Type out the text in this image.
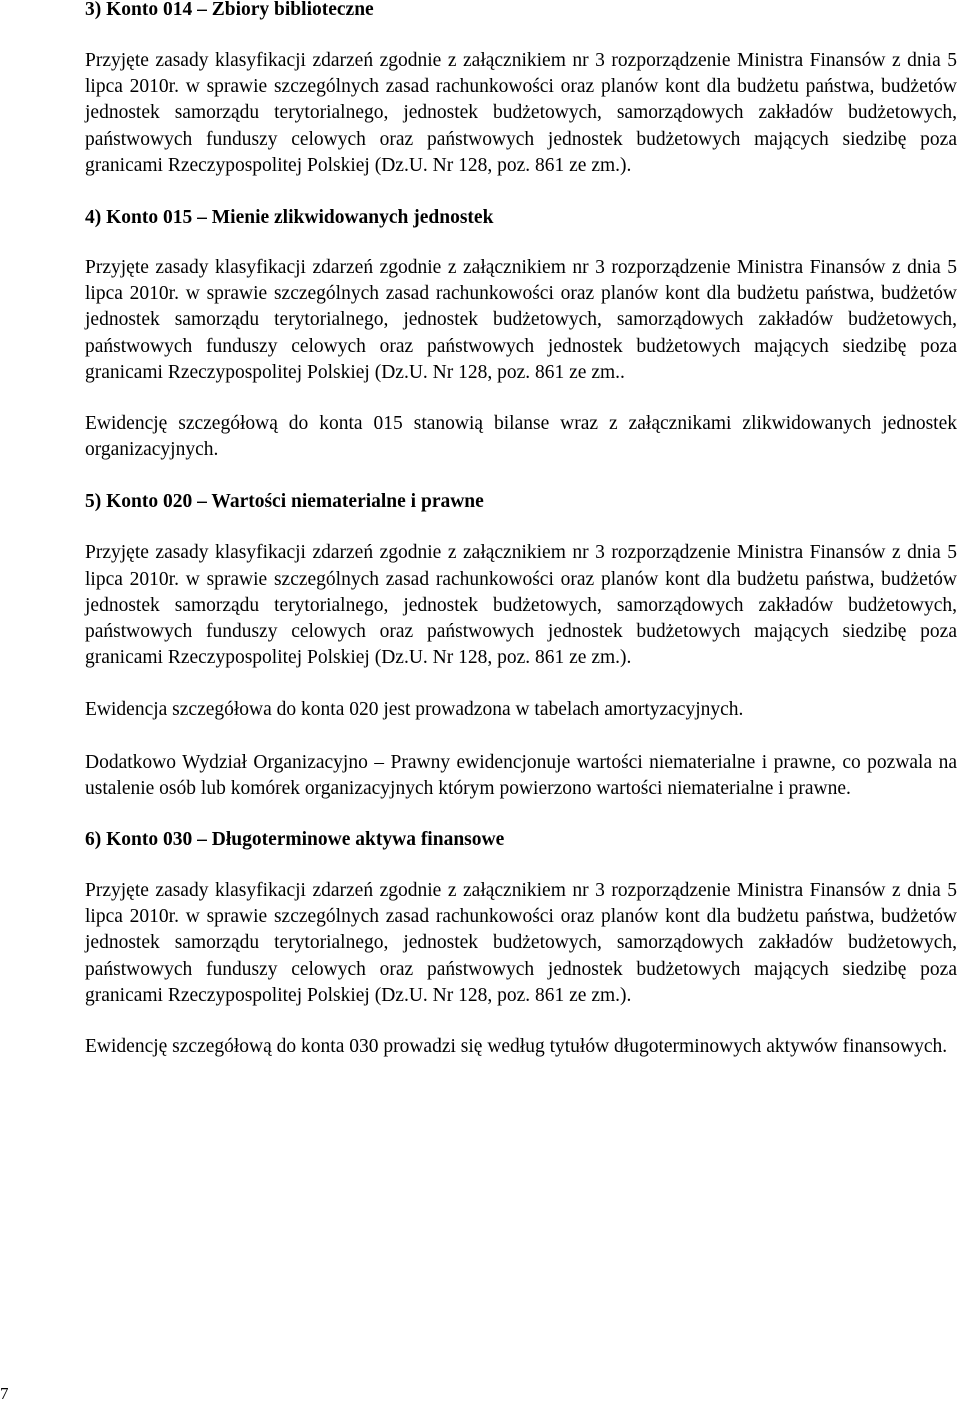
3) Konto 014 – Zbiory biblioteczne

Przyjęte zasady klasyfikacji zdarzeń zgodnie z załącznikiem nr 3 rozporządzenie Ministra Finansów z dnia 5 lipca 2010r. w sprawie szczególnych zasad rachunkowości oraz planów kont dla budżetu państwa, budżetów jednostek samorządu terytorialnego, jednostek budżetowych, samorządowych zakładów budżetowych, państwowych funduszy celowych oraz państwowych jednostek budżetowych mających siedzibę poza granicami Rzeczypospolitej Polskiej (Dz.U. Nr 128, poz. 861 ze zm.).

4) Konto 015 – Mienie zlikwidowanych jednostek

Przyjęte zasady klasyfikacji zdarzeń zgodnie z załącznikiem nr 3 rozporządzenie Ministra Finansów z dnia 5 lipca 2010r. w sprawie szczególnych zasad rachunkowości oraz planów kont dla budżetu państwa, budżetów jednostek samorządu terytorialnego, jednostek budżetowych, samorządowych zakładów budżetowych, państwowych funduszy celowych oraz państwowych jednostek budżetowych mających siedzibę poza granicami Rzeczypospolitej Polskiej (Dz.U. Nr 128, poz. 861 ze zm..

Ewidencję szczegółową do konta 015 stanowią bilanse wraz z załącznikami zlikwidowanych jednostek organizacyjnych.

5) Konto 020 – Wartości niematerialne i prawne

Przyjęte zasady klasyfikacji zdarzeń zgodnie z załącznikiem nr 3 rozporządzenie Ministra Finansów z dnia 5 lipca 2010r. w sprawie szczególnych zasad rachunkowości oraz planów kont dla budżetu państwa, budżetów jednostek samorządu terytorialnego, jednostek budżetowych, samorządowych zakładów budżetowych, państwowych funduszy celowych oraz państwowych jednostek budżetowych mających siedzibę poza granicami Rzeczypospolitej Polskiej (Dz.U. Nr 128, poz. 861 ze zm.).

Ewidencja szczegółowa do konta 020 jest prowadzona w tabelach amortyzacyjnych.

Dodatkowo Wydział Organizacyjno – Prawny ewidencjonuje wartości niematerialne i prawne, co pozwala na ustalenie osób lub komórek organizacyjnych którym powierzono wartości niematerialne i prawne.

6) Konto 030 – Długoterminowe aktywa finansowe

Przyjęte zasady klasyfikacji zdarzeń zgodnie z załącznikiem nr 3 rozporządzenie Ministra Finansów z dnia 5 lipca 2010r. w sprawie szczególnych zasad rachunkowości oraz planów kont dla budżetu państwa, budżetów jednostek samorządu terytorialnego, jednostek budżetowych, samorządowych zakładów budżetowych, państwowych funduszy celowych oraz państwowych jednostek budżetowych mających siedzibę poza granicami Rzeczypospolitej Polskiej (Dz.U. Nr 128, poz. 861 ze zm.).

Ewidencję szczegółową do konta 030 prowadzi się według tytułów długoterminowych aktywów finansowych.

7
